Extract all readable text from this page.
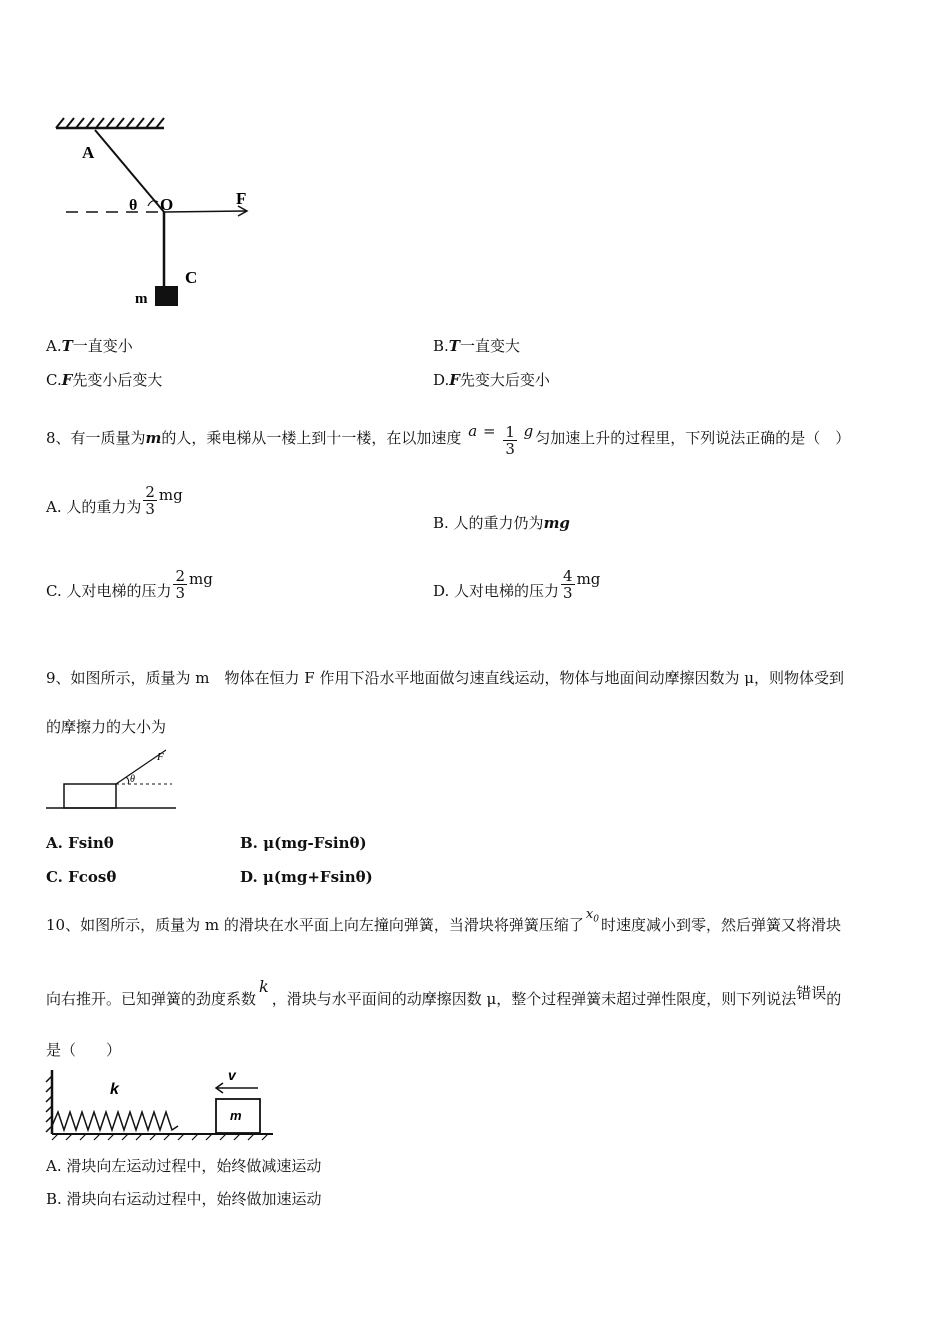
A
θ O	F
C
m
A.T一直变小	B.T一直变大
C.F先变小后变大	D.F先变大后变小
8、有一质量为m的人，乘电梯从一楼上到十一楼，在以加速度 $a = \frac{1}{3}$ g 匀加速上升的过程里，下列说法正确的是（　）
A. 人的重力为 $\frac{2}{3}$ mg
B. 人的重力仍为mg
C. 人对电梯的压力 $\frac{2}{3}$ mg
D. 人对电梯的压力 $\frac{4}{3}$ mg
9、如图所示，质量为 m　物体在恒力 F 作用下沿水平地面做匀速直线运动，物体与地面间动摩擦因数为 μ，则物体受到
的摩擦力的大小为
F
θ
A. Fsinθ	B. μ(mg-Fsinθ)
C. Fcosθ	D. μ(mg+Fsinθ)
10、如图所示，质量为 m 的滑块在水平面上向左撞向弹簧，当滑块将弹簧压缩了$x_0$ 时速度减小到零，然后弹簧又将滑块
向右推开。已知弹簧的劲度系数k，滑块与水平面间的动摩擦因数 μ，整个过程弹簧未超过弹性限度，则下列说法错误的
是（　　）
k
v
m
A. 滑块向左运动过程中，始终做减速运动
B. 滑块向右运动过程中，始终做加速运动
